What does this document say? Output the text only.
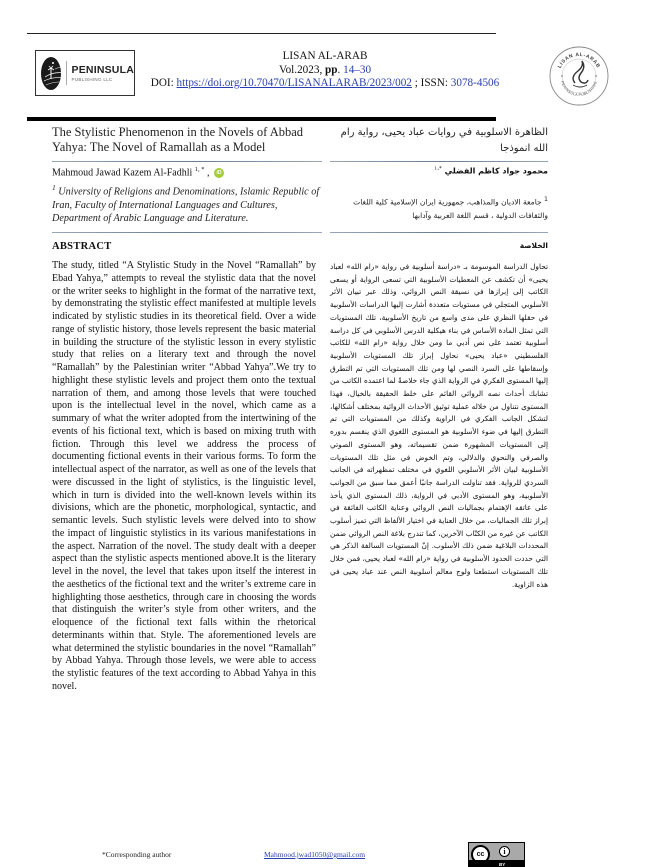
PENINSULA
PUBLISHING LLC
LISAN AL-ARAB
Vol.2023, pp. 14–30
DOI: https://doi.org/10.70470/LISANALARAB/2023/002 ; ISSN: 3078-4506
LISAN AL-ARAB
PENINSULA PUBLISHING
The Stylistic Phenomenon in the Novels of Abbad Yahya: The Novel of Ramallah as a Model
الظاهرة الاسلوبية في روايات عباد يحيى، رواية رام الله انموذجا
Mahmoud Jawad Kazem Al-Fadhli $^{1, *}$ , iD	محمود جواد كاظم الفضلي $^{*،١}$
$^1$ University of Religions and Denominations, Islamic Republic of Iran, Faculty of International Languages and Cultures, Department of Arabic Language and Literature.
$^1$ جامعة الاديان والمذاهب، جمهورية ايران الإسلامية كلية اللغات والثقافات الدولية ، قسم اللغة العربية وآدابها
ABSTRACT	الخلاصة
The study, titled “A Stylistic Study in the Novel “Ramallah” by Ebad Yahya,” attempts to reveal the stylistic data that the novel or the writer seeks to highlight in the format of the narrative text, by demonstrating the stylistic effect manifested at multiple levels indicated by stylistic studies in its theoretical field. Over a wide range of stylistic history, those levels represent the basic material in building the structure of the stylistic lesson in every stylistic study that relies on a literary text and through the novel “Ramallah” by the Palestinian writer “Abbad Yahya”.We try to highlight these stylistic levels and project them onto the textual narration of them, and among those levels that were touched upon is the intellectual level in the novel, which came as a summary of what the writer adopted from the intertwining of the events of his fictional text, which is based on mixing truth with fiction. Through this level we address the process of documenting fictional events in their various forms. To form the intellectual aspect of the narrator, as well as one of the levels that were discussed in the light of stylistics, is the linguistic level, which in turn is divided into the well-known levels within its divisions, which are the phonetic, morphological, syntactic, and semantic levels. Such stylistic levels were delved into to show the impact of linguistic stylistics in its various manifestations in the aspect. Narration of the novel. The study dealt with a deeper aspect than the stylistic aspects mentioned above.It is the literary level in the novel, the level that takes upon itself the interest in the aesthetics of the fictional text and the writer’s extreme care in highlighting those aesthetics, through care in choosing the words that distinguish the writer’s style from other writers, and the eloquence of the fictional text falls within the rhetorical determinants within that. Style. The aforementioned levels are what determined the stylistic boundaries in the novel “Ramallah” by Abbad Yahya. Through those levels, we were able to access the stylistic features of the text according to Abbad Yahya in this novel.
تحاول الدراسة الموسومة بـ «دراسة أسلوبية في رواية «رام الله» لعباد يحيى» أن تكشف عن المعطيات الأسلوبية التي تسعى الرواية أو يسعى الكاتب إلى إبرازها في نسيقة النص الروائي، وذلك عبر تبيان الأثر الأسلوبي المتجلي في مستويات متعددة أشارت إليها الدراسات الأسلوبية في حقلها النظري على مدى واسع من تاريخ الأسلوبية، تلك المستويات التي تمثل المادة الأساس في بناء هيكلية الدرس الأسلوبي في كل دراسة أسلوبية تعتمد على نص أدبي ما ومن خلال رواية «رام الله» للكاتب الفلسطيني «عباد يحيى» نحاول إبراز تلك المستويات الأسلوبية وإسقاطها على السرد النصي لها ومن تلك المستويات التي تم التطرق إليها المستوى الفكري في الرواية الذي جاء خلاصةً لما اعتمده الكاتب من تشابك أحداث نصه الروائي القائم على خلط الحقيقة بالخيال، فهذا المستوى نتناول من خلاله عملية توثيق الأحداث الروائية بمختلف أشكالها، لتشكل الجانب الفكري في الراوية وكذلك من المستويات التي تم التطرق إليها في ضوء الأسلوبية هو المستوى اللغوي الذي ينقسم بدوره إلى المستويات المشهورة ضمن تقسيماته، وهو المستوى الصوتي والصرفي والنحوي والدلالي، وتم الخوض في مثل تلك المستويات الأسلوبية لبيان الأثر الأسلوبي اللغوي في مختلف تمظهراته في الجانب السردي للرواية. فقد تناولت الدراسة جانبًا أعمق مما سبق من الجوانب الأسلوبية، وهو المستوى الأدبي في الرواية، ذلك المستوى الذي يأخذ على عاتقه الإهتمام بجماليات النص الروائي وعناية الكاتب الفائقة في إبراز تلك الجماليات، من خلال العناية في اختيار الألفاظ التي تميز أسلوب الكاتب عن غيره من الكتّاب الآخرين، كما تندرج بلاغة النص الروائي ضمن المحددات البلاغية ضمن ذلك الأسلوب. إنّ المستويات السالفة الذكر هي التي حددت الحدود الأسلوبية في رواية «رام الله» لعباد يحيى، فمن خلال تلك المستويات استطعنا ولوج معالم أسلوبية النص عند عباد يحيى في هذه الزاوية.
*Corresponding author	Mahmood.jwad1050@gmail.com	cc	i
BY
